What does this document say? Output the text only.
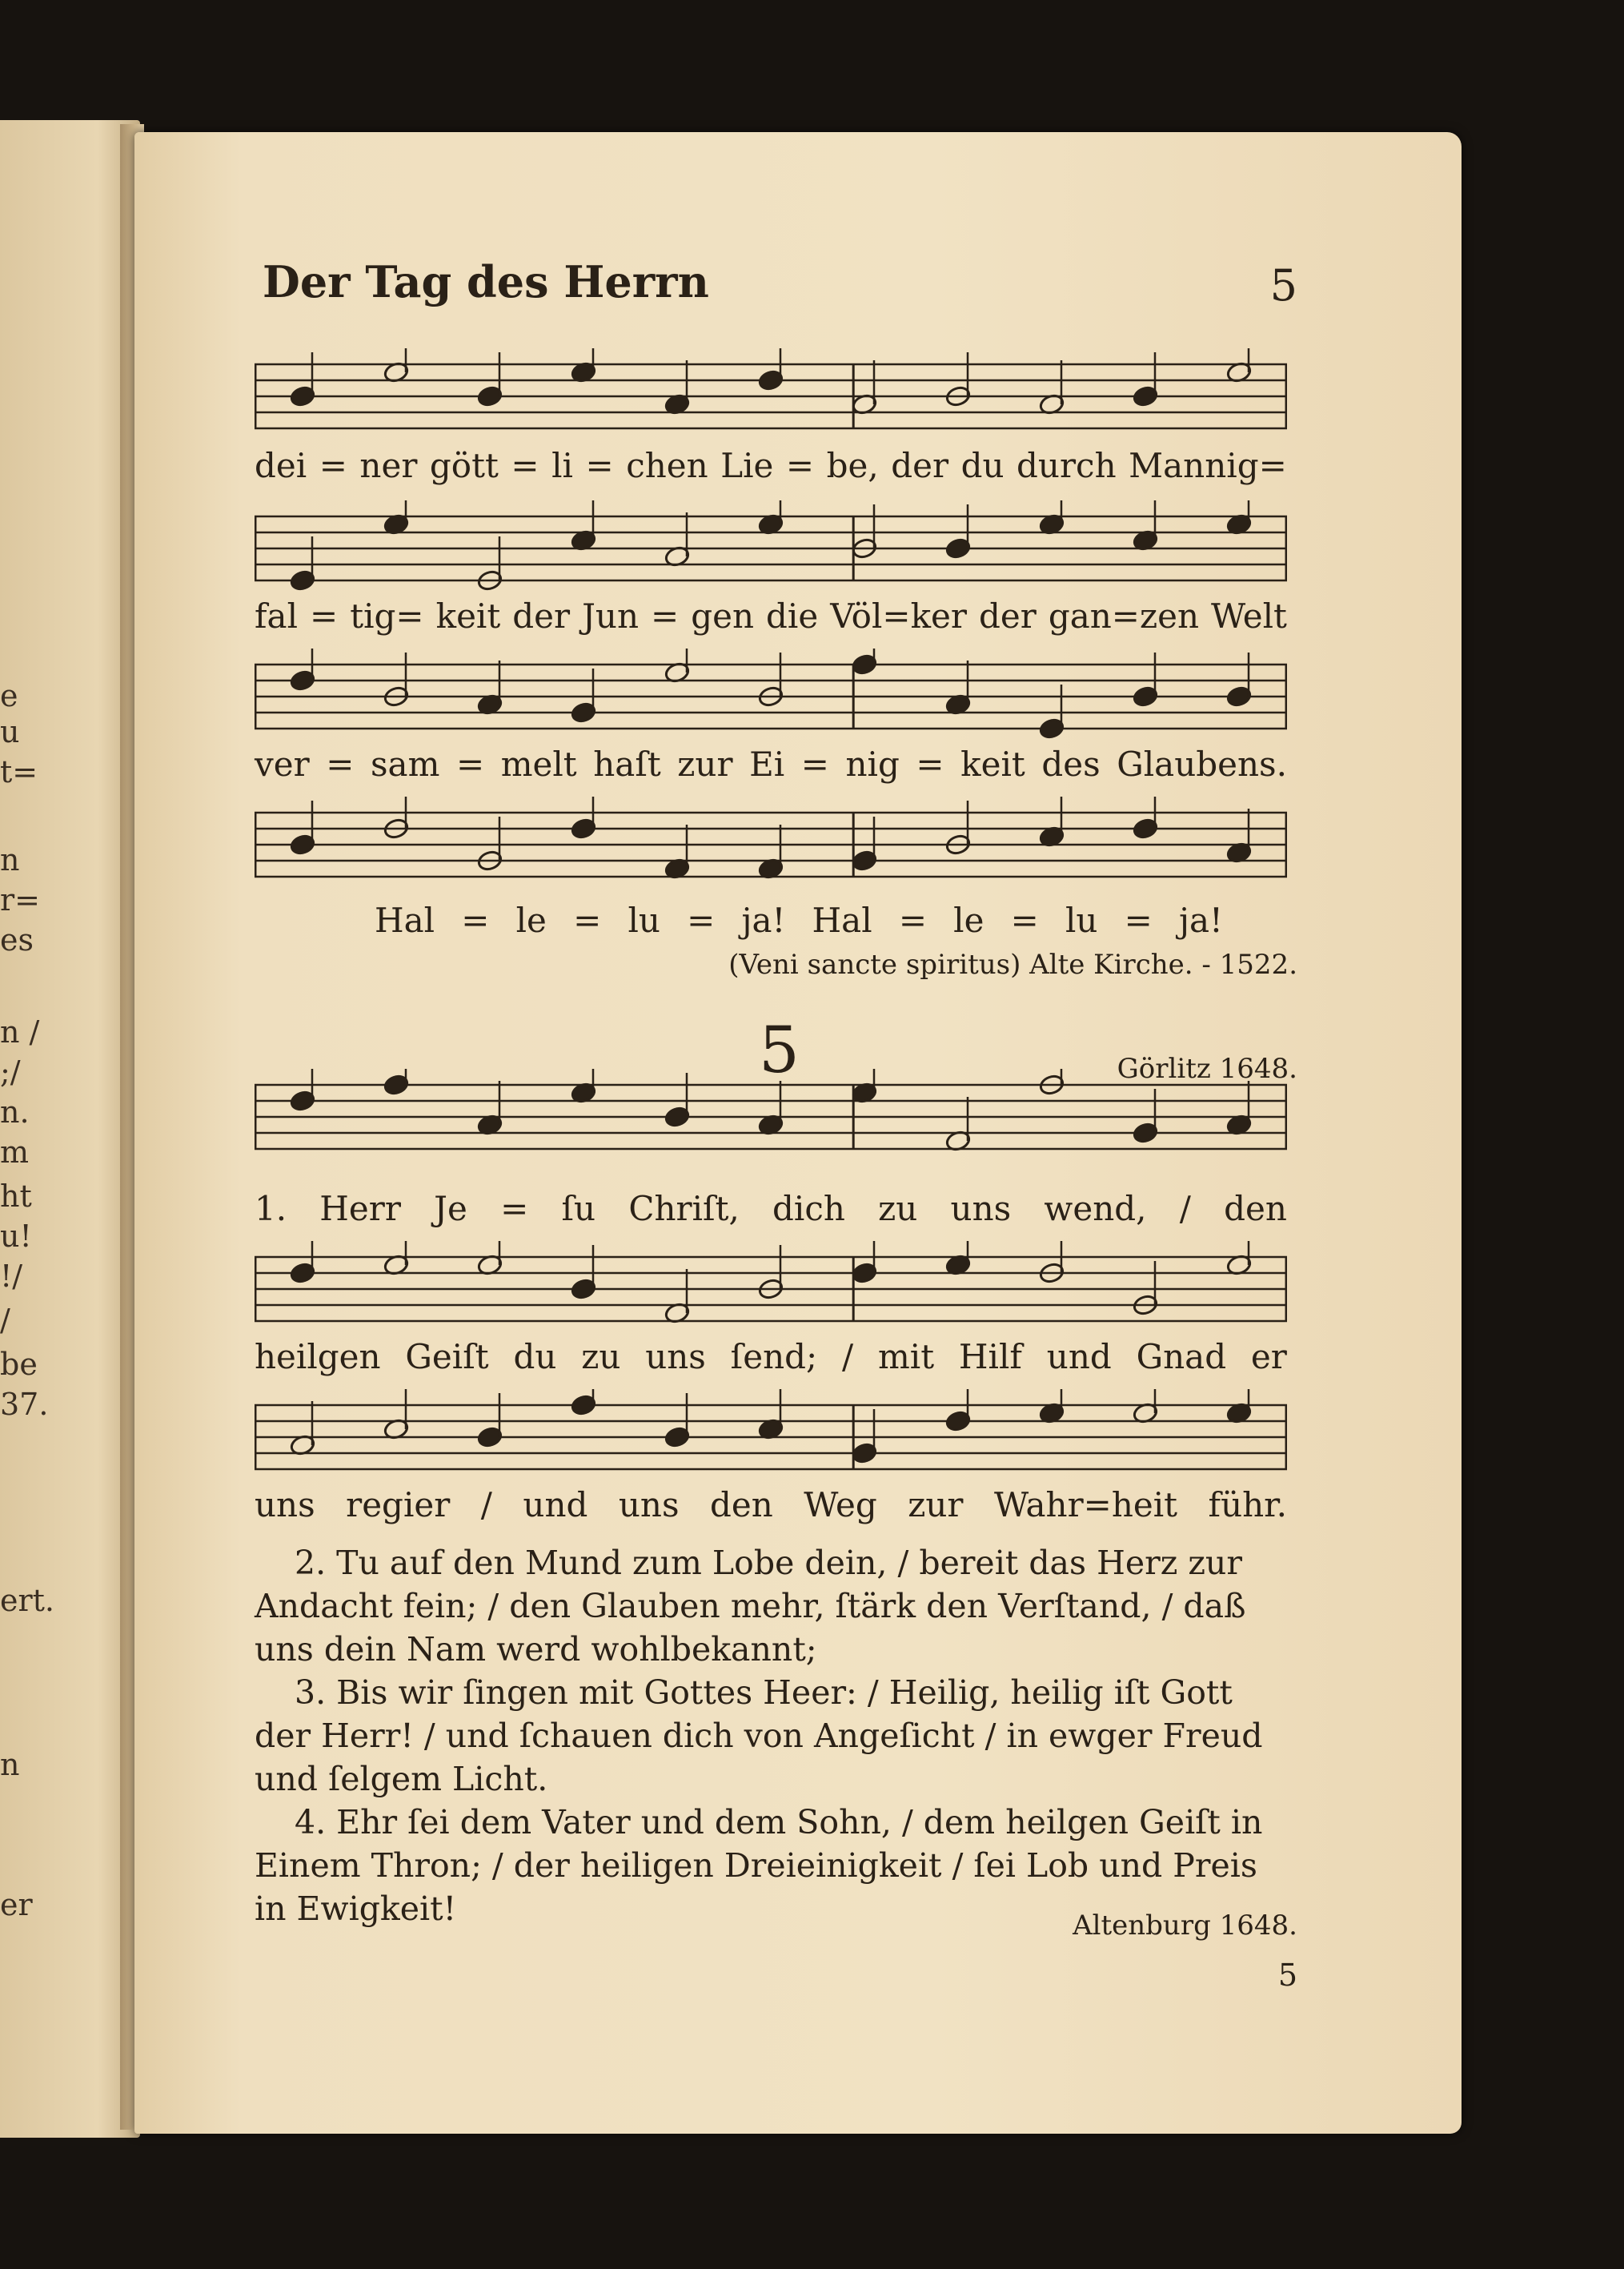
e
u
t=
n
r=
es
n /
;/
n.
m
ht
u!
!/
/
be
37.
ert.
n
er
Der Tag des Herrn	5
dei = ner gött = li = chen Lie = be, der du durch Mannig=
fal = tig= keit der Jun = gen die Völ=ker der gan=zen Welt
ver = sam = melt haſt zur Ei = nig = keit des Glaubens.
Hal = le = lu = ja! Hal = le = lu = ja!
(Veni sancte spiritus) Alte Kirche. - 1522.
5	Görlitz 1648.
1. Herr Je = ſu Chriſt, dich zu uns wend, / den
heilgen Geiſt du zu uns ſend; / mit Hilf und Gnad er
uns regier / und uns den Weg zur Wahr=heit führ.

2. Tu auf den Mund zum Lobe dein, / bereit das Herz zur Andacht fein; / den Glauben mehr, ſtärk den Verſtand, / daß uns dein Nam werd wohlbekannt;

3. Bis wir ſingen mit Gottes Heer: / Heilig, heilig iſt Gott der Herr! / und ſchauen dich von Angeſicht / in ewger Freud und ſelgem Licht.

4. Ehr ſei dem Vater und dem Sohn, / dem heilgen Geiſt in Einem Thron; / der heiligen Dreieinigkeit / ſei Lob und Preis in Ewigkeit!	Altenburg 1648.
5
